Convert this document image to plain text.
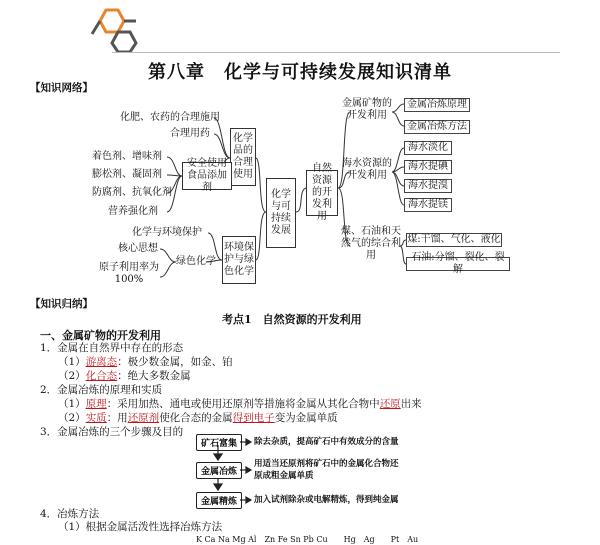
第八章　化学与可持续发展知识清单
【知识网络】
化学与可持续发展
化学品的合理使用
环境保护与绿色化学
安全使用食品添加剂
绿色化学
化肥、农药的合理施用
合理用药
着色剂、增味剂
膨松剂、凝固剂
防腐剂、抗氧化剂
营养强化剂
化学与环境保护
核心思想
原子利用率为100%
自然资源的开发利用
金属矿物的开发利用
海水资源的开发利用
煤、石油和天然气的综合利用
金属冶炼原理
金属冶炼方法
海水淡化
海水提碘
海水提溴
海水提镁
煤:干馏、气化、液化
石油:分馏、裂化、裂解
【知识归纳】
考点1　自然资源的开发利用
一、金属矿物的开发利用
1．金属在自然界中存在的形态
（1）游离态：极少数金属，如金、铂
（2）化合态：绝大多数金属
2．金属冶炼的原理和实质
（1）原理：采用加热、通电或使用还原剂等措施将金属从其化合物中还原出来
（2）实质：用还原剂使化合态的金属得到电子变为金属单质
3．金属冶炼的三个步骤及目的
矿石富集
金属冶炼
金属精炼
除去杂质，提高矿石中有效成分的含量
用适当还原剂将矿石中的金属化合物还
原成粗金属单质
加入试剂除杂或电解精炼，得到纯金属
4．冶炼方法
（1）根据金属活泼性选择冶炼方法
K Ca Na Mg Al　Zn Fe Sn Pb Cu　　Hg　Ag　　Pt　Au
